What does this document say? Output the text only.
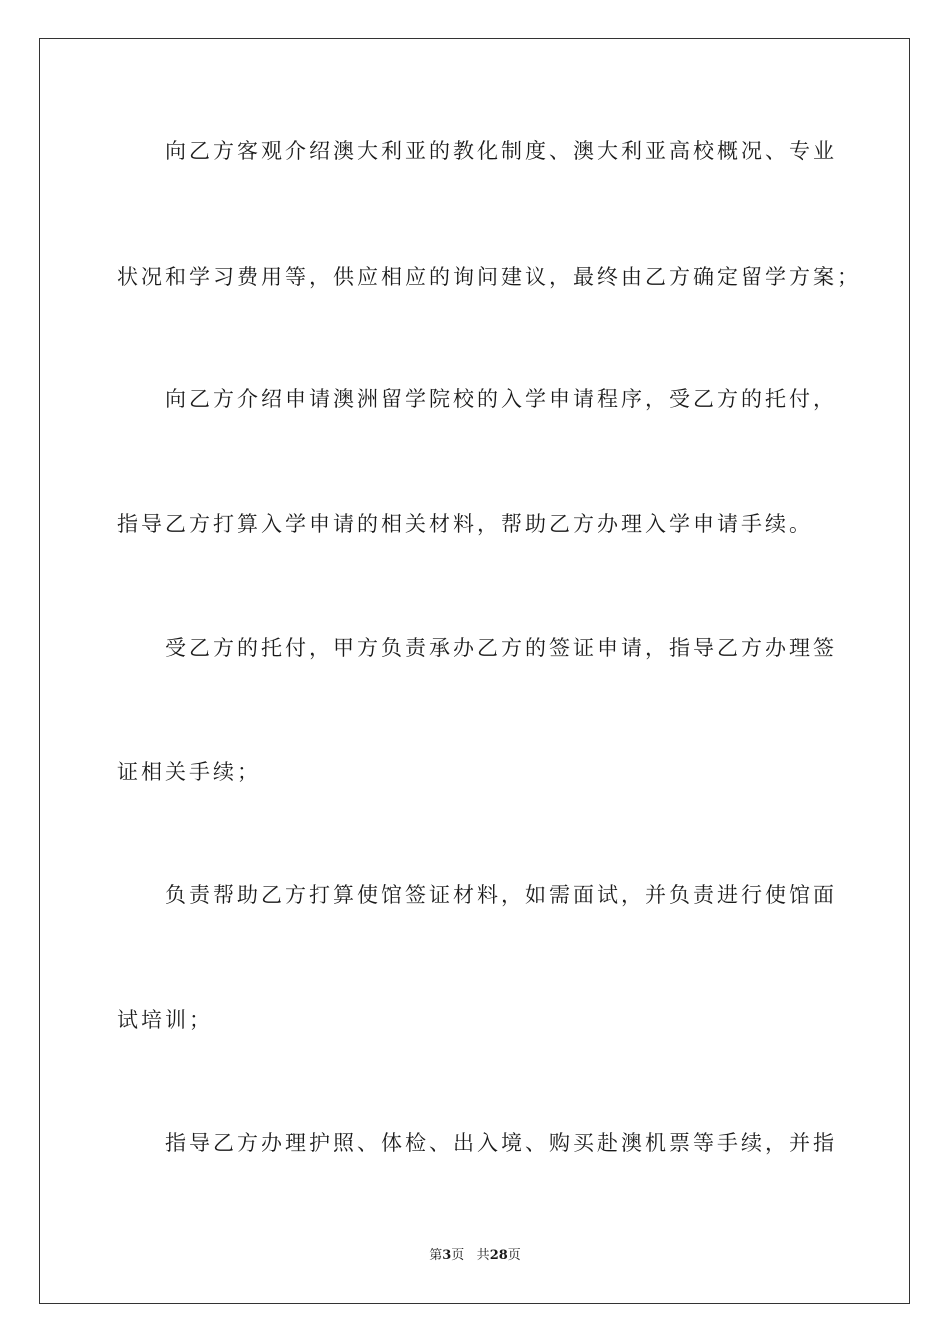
向乙方客观介绍澳大利亚的教化制度、澳大利亚高校概况、专业
状况和学习费用等，供应相应的询问建议，最终由乙方确定留学方案；
向乙方介绍申请澳洲留学院校的入学申请程序，受乙方的托付，
指导乙方打算入学申请的相关材料，帮助乙方办理入学申请手续。
受乙方的托付，甲方负责承办乙方的签证申请，指导乙方办理签
证相关手续；
负责帮助乙方打算使馆签证材料，如需面试，并负责进行使馆面
试培训；
指导乙方办理护照、体检、出入境、购买赴澳机票等手续，并指
第3页 共28页
